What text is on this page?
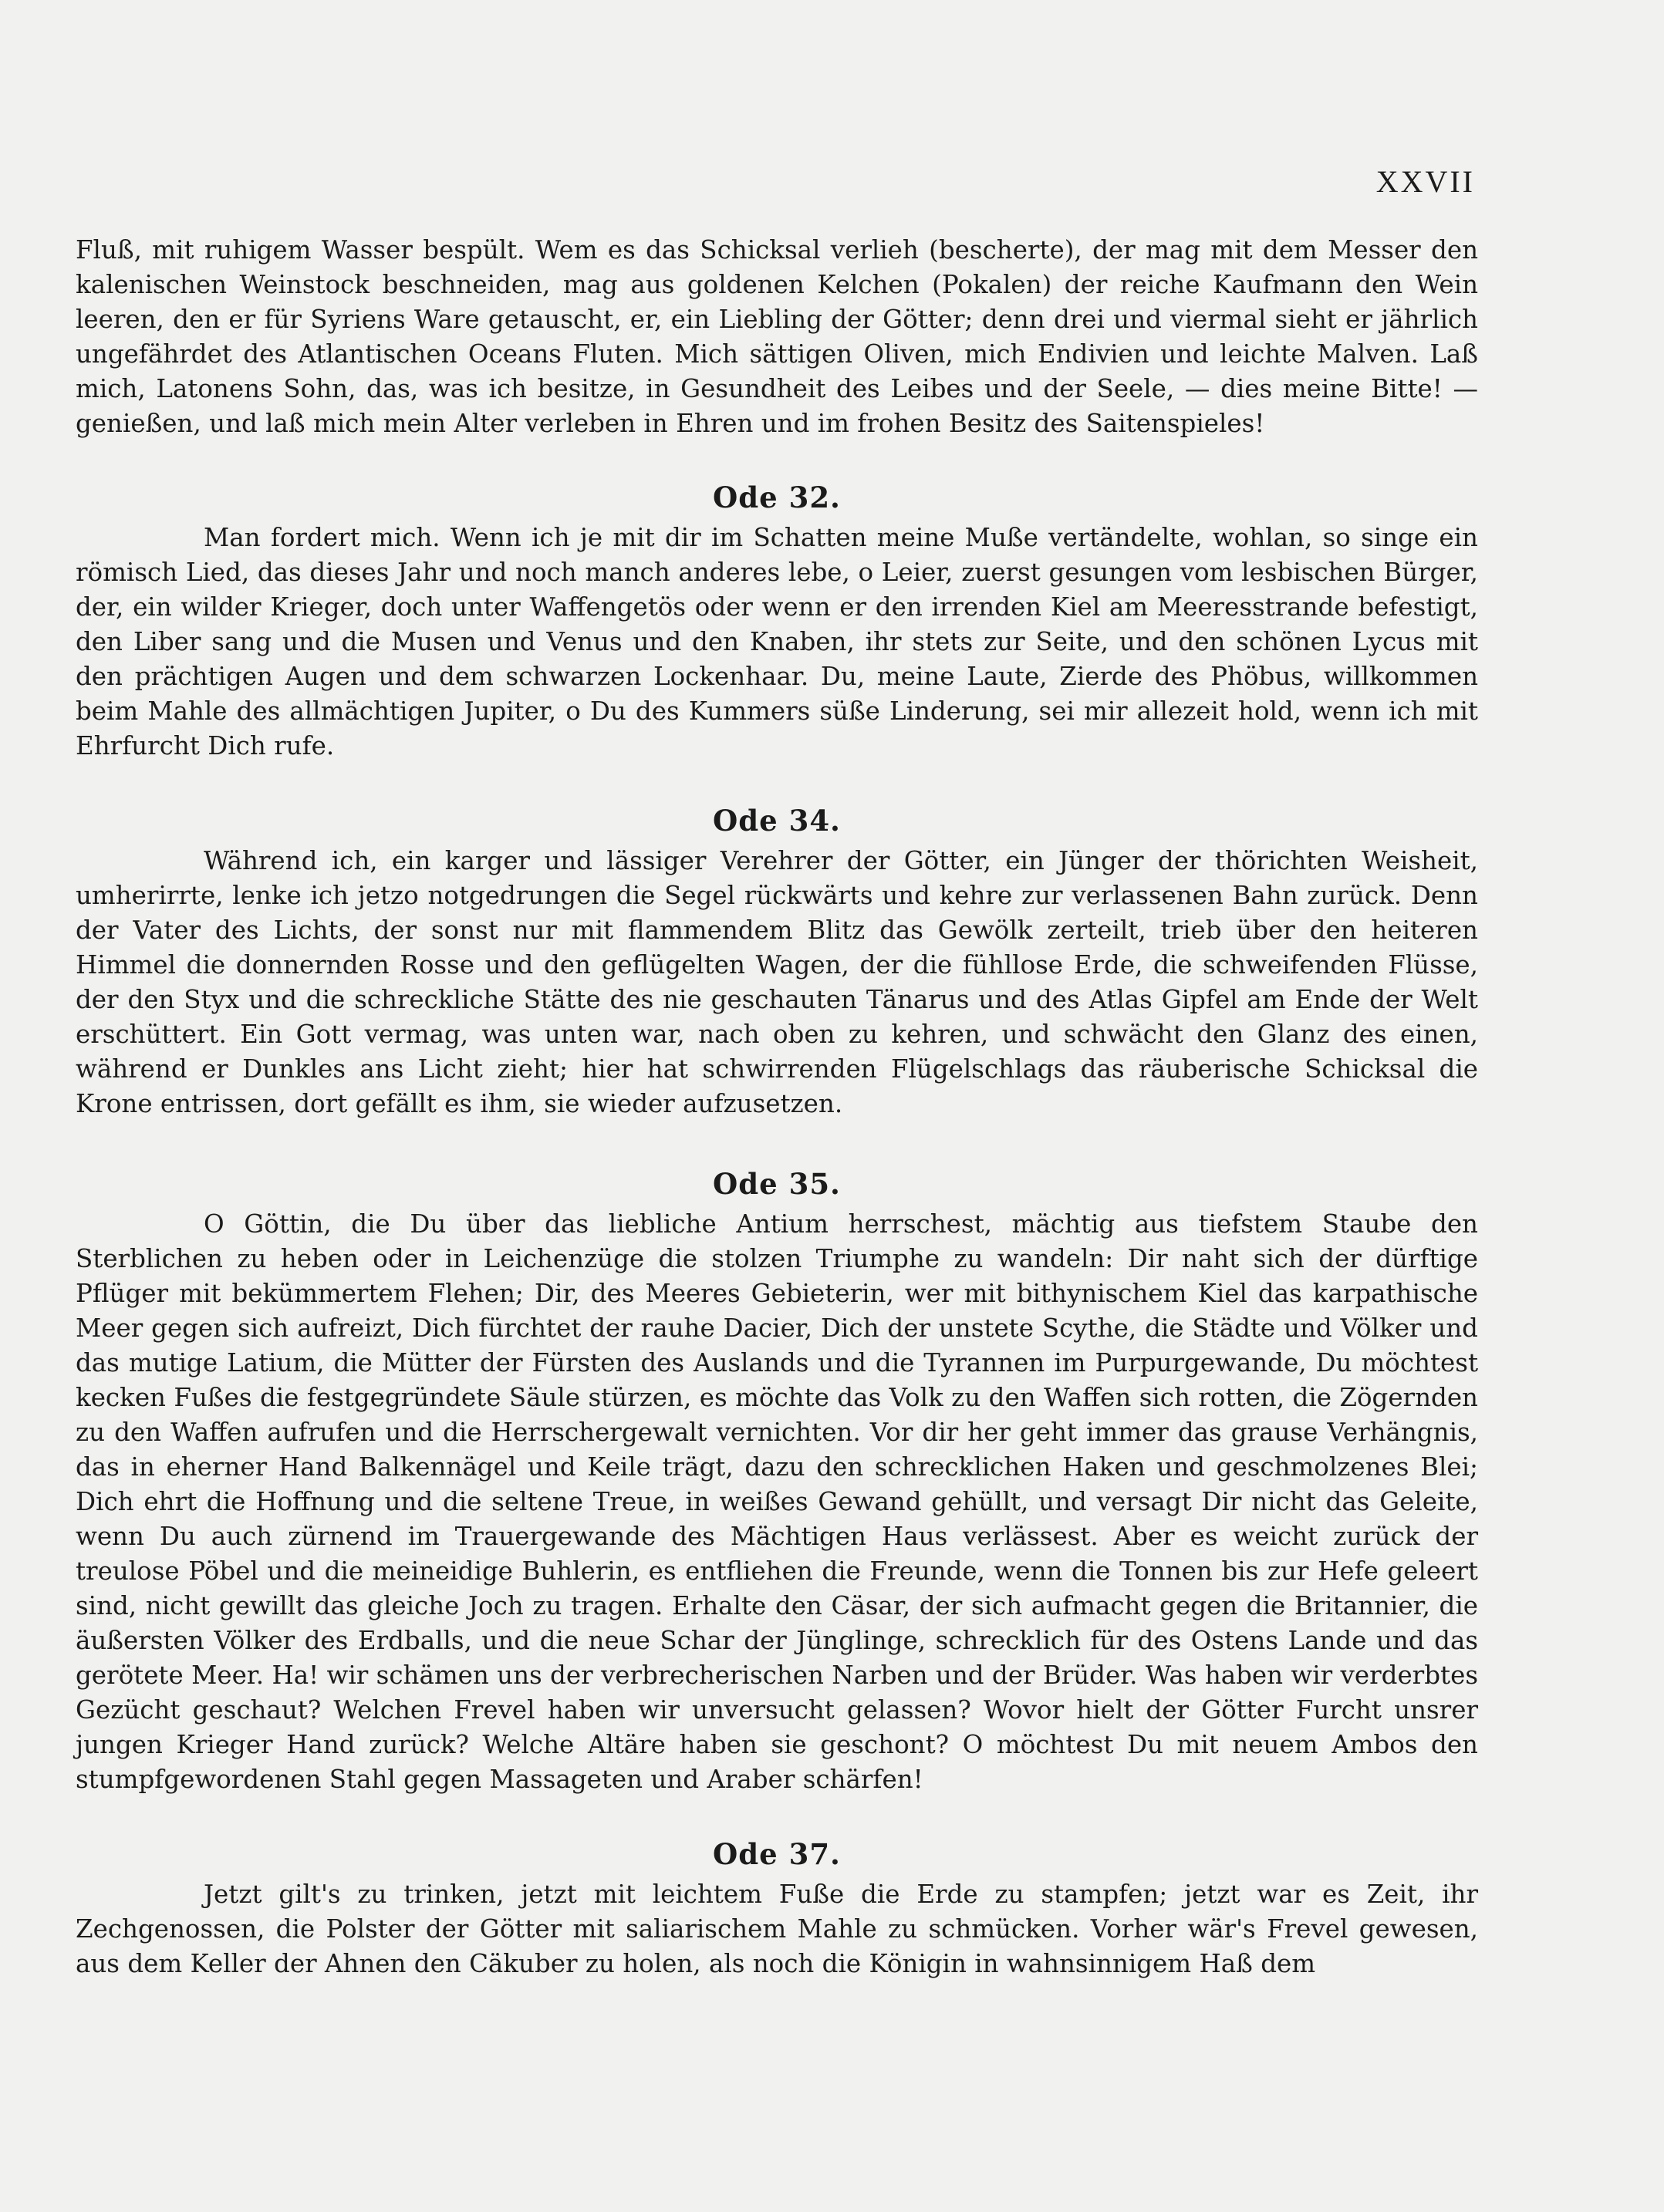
XXVII

Fluß, mit ruhigem Wasser bespült. Wem es das Schicksal verlieh (bescherte), der mag mit dem Messer den kalenischen Weinstock beschneiden, mag aus goldenen Kelchen (Pokalen) der reiche Kaufmann den Wein leeren, den er für Syriens Ware getauscht, er, ein Liebling der Götter; denn drei und viermal sieht er jährlich ungefährdet des Atlantischen Oceans Fluten. Mich sättigen Oliven, mich Endivien und leichte Malven. Laß mich, Latonens Sohn, das, was ich besitze, in Gesundheit des Leibes und der Seele, — dies meine Bitte! — genießen, und laß mich mein Alter verleben in Ehren und im frohen Besitz des Saitenspieles!

Ode 32.

Man fordert mich. Wenn ich je mit dir im Schatten meine Muße vertändelte, wohlan, so singe ein römisch Lied, das dieses Jahr und noch manch anderes lebe, o Leier, zuerst gesungen vom lesbischen Bürger, der, ein wilder Krieger, doch unter Waffengetös oder wenn er den irrenden Kiel am Meeresstrande befestigt, den Liber sang und die Musen und Venus und den Knaben, ihr stets zur Seite, und den schönen Lycus mit den prächtigen Augen und dem schwarzen Lockenhaar. Du, meine Laute, Zierde des Phöbus, willkommen beim Mahle des allmächtigen Jupiter, o Du des Kummers süße Linderung, sei mir allezeit hold, wenn ich mit Ehrfurcht Dich rufe.

Ode 34.

Während ich, ein karger und lässiger Verehrer der Götter, ein Jünger der thörichten Weisheit, umherirrte, lenke ich jetzo notgedrungen die Segel rückwärts und kehre zur verlassenen Bahn zurück. Denn der Vater des Lichts, der sonst nur mit flammendem Blitz das Gewölk zerteilt, trieb über den heiteren Himmel die donnernden Rosse und den geflügelten Wagen, der die fühllose Erde, die schweifenden Flüsse, der den Styx und die schreckliche Stätte des nie geschauten Tänarus und des Atlas Gipfel am Ende der Welt erschüttert. Ein Gott vermag, was unten war, nach oben zu kehren, und schwächt den Glanz des einen, während er Dunkles ans Licht zieht; hier hat schwirrenden Flügelschlags das räuberische Schicksal die Krone entrissen, dort gefällt es ihm, sie wieder aufzusetzen.

Ode 35.

O Göttin, die Du über das liebliche Antium herrschest, mächtig aus tiefstem Staube den Sterblichen zu heben oder in Leichenzüge die stolzen Triumphe zu wandeln: Dir naht sich der dürftige Pflüger mit bekümmertem Flehen; Dir, des Meeres Gebieterin, wer mit bithynischem Kiel das karpathische Meer gegen sich aufreizt, Dich fürchtet der rauhe Dacier, Dich der unstete Scythe, die Städte und Völker und das mutige Latium, die Mütter der Fürsten des Auslands und die Tyrannen im Purpurgewande, Du möchtest kecken Fußes die festgegründete Säule stürzen, es möchte das Volk zu den Waffen sich rotten, die Zögernden zu den Waffen aufrufen und die Herrschergewalt vernichten. Vor dir her geht immer das grause Verhängnis, das in eherner Hand Balkennägel und Keile trägt, dazu den schrecklichen Haken und geschmolzenes Blei; Dich ehrt die Hoffnung und die seltene Treue, in weißes Gewand gehüllt, und versagt Dir nicht das Geleite, wenn Du auch zürnend im Trauergewande des Mächtigen Haus verlässest. Aber es weicht zurück der treulose Pöbel und die meineidige Buhlerin, es entfliehen die Freunde, wenn die Tonnen bis zur Hefe geleert sind, nicht gewillt das gleiche Joch zu tragen. Erhalte den Cäsar, der sich aufmacht gegen die Britannier, die äußersten Völker des Erdballs, und die neue Schar der Jünglinge, schrecklich für des Ostens Lande und das gerötete Meer. Ha! wir schämen uns der verbrecherischen Narben und der Brüder. Was haben wir verderbtes Gezücht geschaut? Welchen Frevel haben wir unversucht gelassen? Wovor hielt der Götter Furcht unsrer jungen Krieger Hand zurück? Welche Altäre haben sie geschont? O möchtest Du mit neuem Ambos den stumpfgewordenen Stahl gegen Massageten und Araber schärfen!

Ode 37.

Jetzt gilt's zu trinken, jetzt mit leichtem Fuße die Erde zu stampfen; jetzt war es Zeit, ihr Zechgenossen, die Polster der Götter mit saliarischem Mahle zu schmücken. Vorher wär's Frevel gewesen, aus dem Keller der Ahnen den Cäkuber zu holen, als noch die Königin in wahnsinnigem Haß dem
